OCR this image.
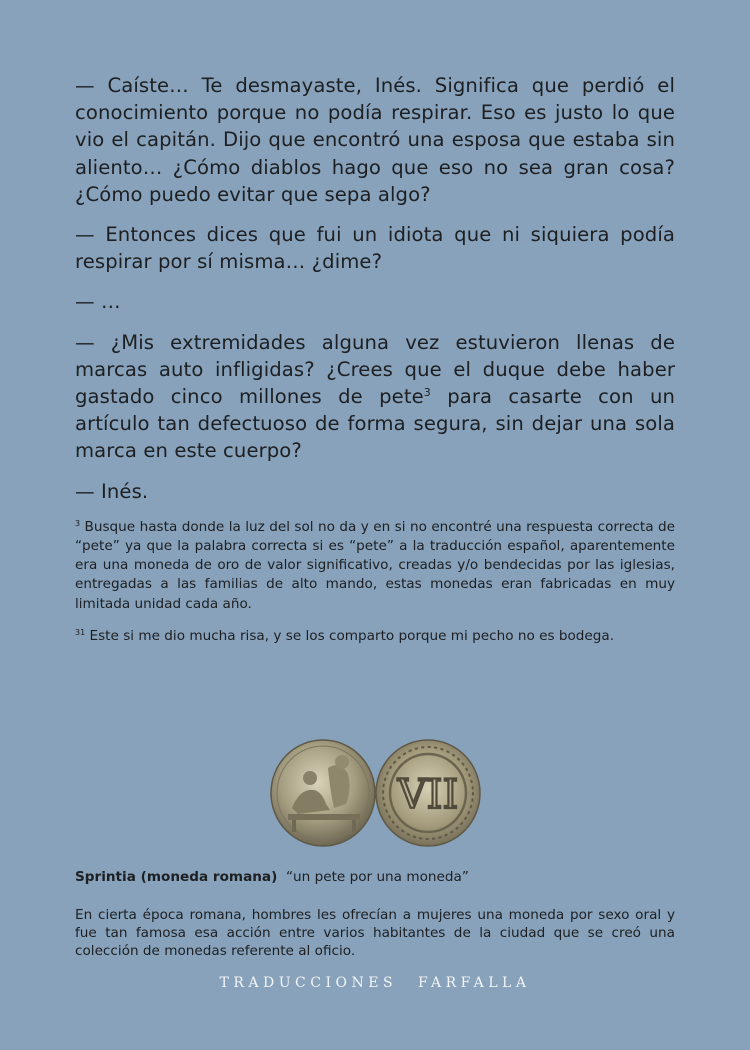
— Caíste… Te desmayaste, Inés. Significa que perdió el conocimiento porque no podía respirar. Eso es justo lo que vio el capitán. Dijo que encontró una esposa que estaba sin aliento… ¿Cómo diablos hago que eso no sea gran cosa? ¿Cómo puedo evitar que sepa algo?

— Entonces dices que fui un idiota que ni siquiera podía respirar por sí misma… ¿dime?

— …

— ¿Mis extremidades alguna vez estuvieron llenas de marcas auto infligidas? ¿Crees que el duque debe haber gastado cinco millones de pete$^3$ para casarte con un artículo tan defectuoso de forma segura, sin dejar una sola marca en este cuerpo?

— Inés.

$^3$ Busque hasta donde la luz del sol no da y en si no encontré una respuesta correcta de “pete” ya que la palabra correcta si es “pete” a la traducción español, aparentemente era una moneda de oro de valor significativo, creadas y/o bendecidas por las iglesias, entregadas a las familias de alto mando, estas monedas eran fabricadas en muy limitada unidad cada año.

$^{31}$ Este si me dio mucha risa, y se los comparto porque mi pecho no es bodega.

VII
Sprintia (moneda romana) “un pete por una moneda”
En cierta época romana, hombres les ofrecían a mujeres una moneda por sexo oral y fue tan famosa esa acción entre varios habitantes de la ciudad que se creó una colección de monedas referente al oficio.
TRADUCCIONES FARFALLA
